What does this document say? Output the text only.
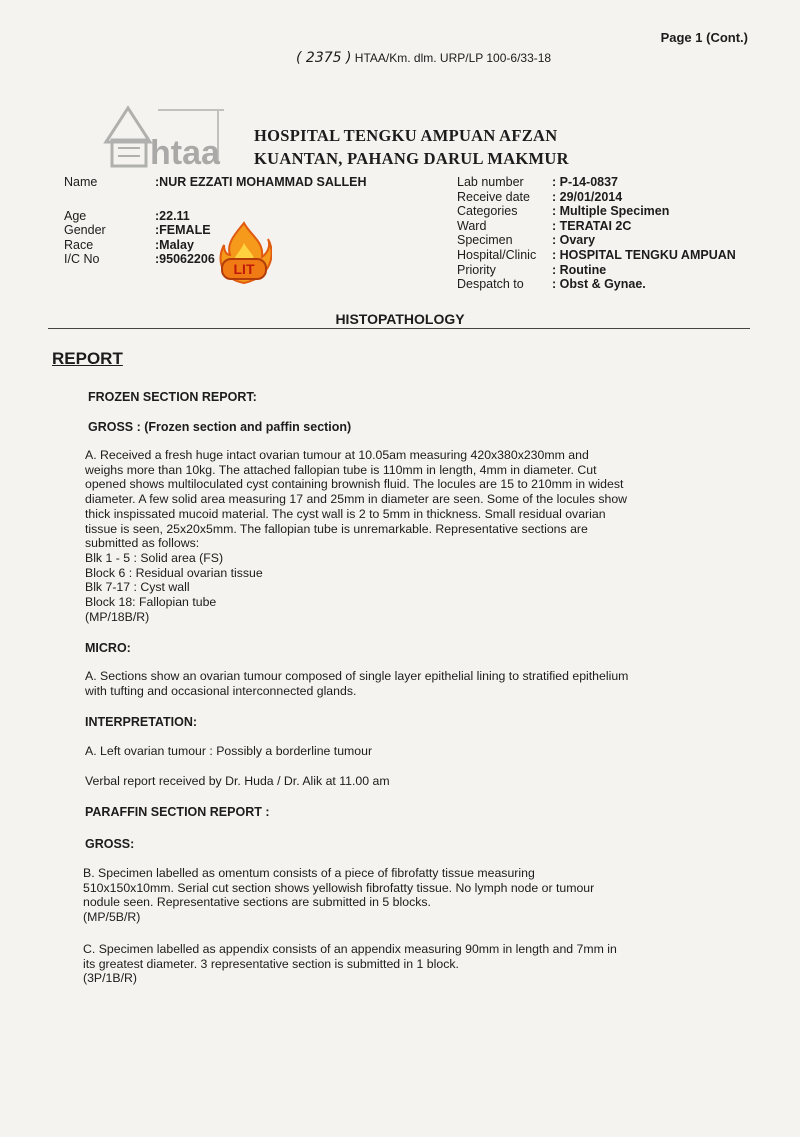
Page 1 (Cont.)
( 2375 ) HTAA/Km. dlm. URP/LP 100-6/33-18
htaa HOSPITAL TENGKU AMPUAN AFZAN
KUANTAN, PAHANG DARUL MAKMUR
Name	:NUR EZZATI MOHAMMAD SALLEH
Age	:22.11
Gender	:FEMALE
Race	:Malay
I/C No	:95062206
Lab number : P-14-0837
Receive date : 29/01/2014
Categories	: Multiple Specimen
Ward	: TERATAI 2C
Specimen	: Ovary
Hospital/Clinic : HOSPITAL TENGKU AMPUAN
Priority	: Routine
Despatch to : Obst & Gynae.
LIT
HISTOPATHOLOGY
REPORT
FROZEN SECTION REPORT:
GROSS : (Frozen section and paffin section)
A. Received a fresh huge intact ovarian tumour at 10.05am measuring 420x380x230mm and
weighs more than 10kg. The attached fallopian tube is 110mm in length, 4mm in diameter. Cut
opened shows multiloculated cyst containing brownish fluid. The locules are 15 to 210mm in widest
diameter. A few solid area measuring 17 and 25mm in diameter are seen. Some of the locules show
thick inspissated mucoid material. The cyst wall is 2 to 5mm in thickness. Small residual ovarian
tissue is seen, 25x20x5mm. The fallopian tube is unremarkable. Representative sections are
submitted as follows:
Blk 1 - 5 : Solid area (FS)
Block 6 : Residual ovarian tissue
Blk 7-17 : Cyst wall
Block 18: Fallopian tube
(MP/18B/R)
MICRO:
A. Sections show an ovarian tumour composed of single layer epithelial lining to stratified epithelium
with tufting and occasional interconnected glands.
INTERPRETATION:
A. Left ovarian tumour : Possibly a borderline tumour
Verbal report received by Dr. Huda / Dr. Alik at 11.00 am
PARAFFIN SECTION REPORT :
GROSS:
B. Specimen labelled as omentum consists of a piece of fibrofatty tissue measuring
510x150x10mm. Serial cut section shows yellowish fibrofatty tissue. No lymph node or tumour
nodule seen. Representative sections are submitted in 5 blocks.
(MP/5B/R)
C. Specimen labelled as appendix consists of an appendix measuring 90mm in length and 7mm in
its greatest diameter. 3 representative section is submitted in 1 block.
(3P/1B/R)
